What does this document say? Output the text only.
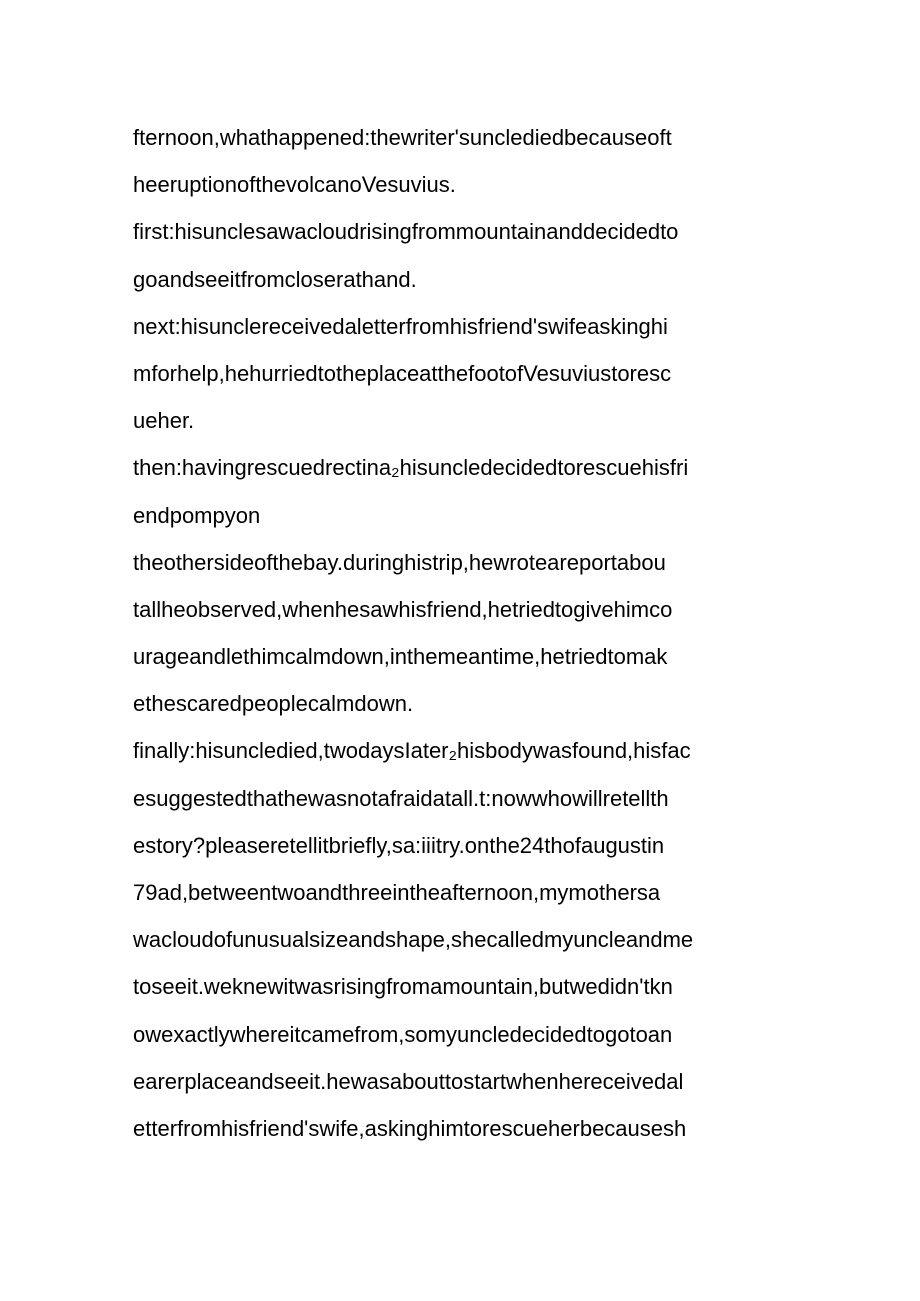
fternoon,whathappened:thewriter'sunclediedbecauseoft
heeruptionofthevolcanoVesuvius.
first:hisunclesawacloudrisingfrommountainanddecidedto
goandseeitfromcloserathand.
next:hisunclereceivedaletterfromhisfriend'swifeaskinghi
mforhelp,hehurriedtotheplaceatthefootofVesuviustoresc
ueher.
then:havingrescuedrectina₂hisuncledecidedtorescuehisfri
endpompyon
theothersideofthebay.duringhistrip,hewroteareportabou
tallheobserved,whenhesawhisfriend,hetriedtogivehimco
urageandlethimcalmdown,inthemeantime,hetriedtomak
ethescaredpeoplecalmdown.
finally:hisuncledied,twodaysIater₂hisbodywasfound,hisfac
esuggestedthathewasnotafraidatall.t:nowwhowillretellth
estory?pleaseretellitbriefly,sa:iіitry.onthe24thofaugustin
79ad,betweentwoandthreeintheafternoon,mymothersa
wacloudofunusualsizeandshape,shecalledmyuncleandme
toseeit.weknewitwasrisingfromamountain,butwedidn'tkn
owexactlywhereitcamefrom,somyuncledecidedtogotoan
earerplaceandseeit.hewasabouttostartwhenhereceivedal
etterfromhisfriend'swife,askinghimtorescueherbecausesh
